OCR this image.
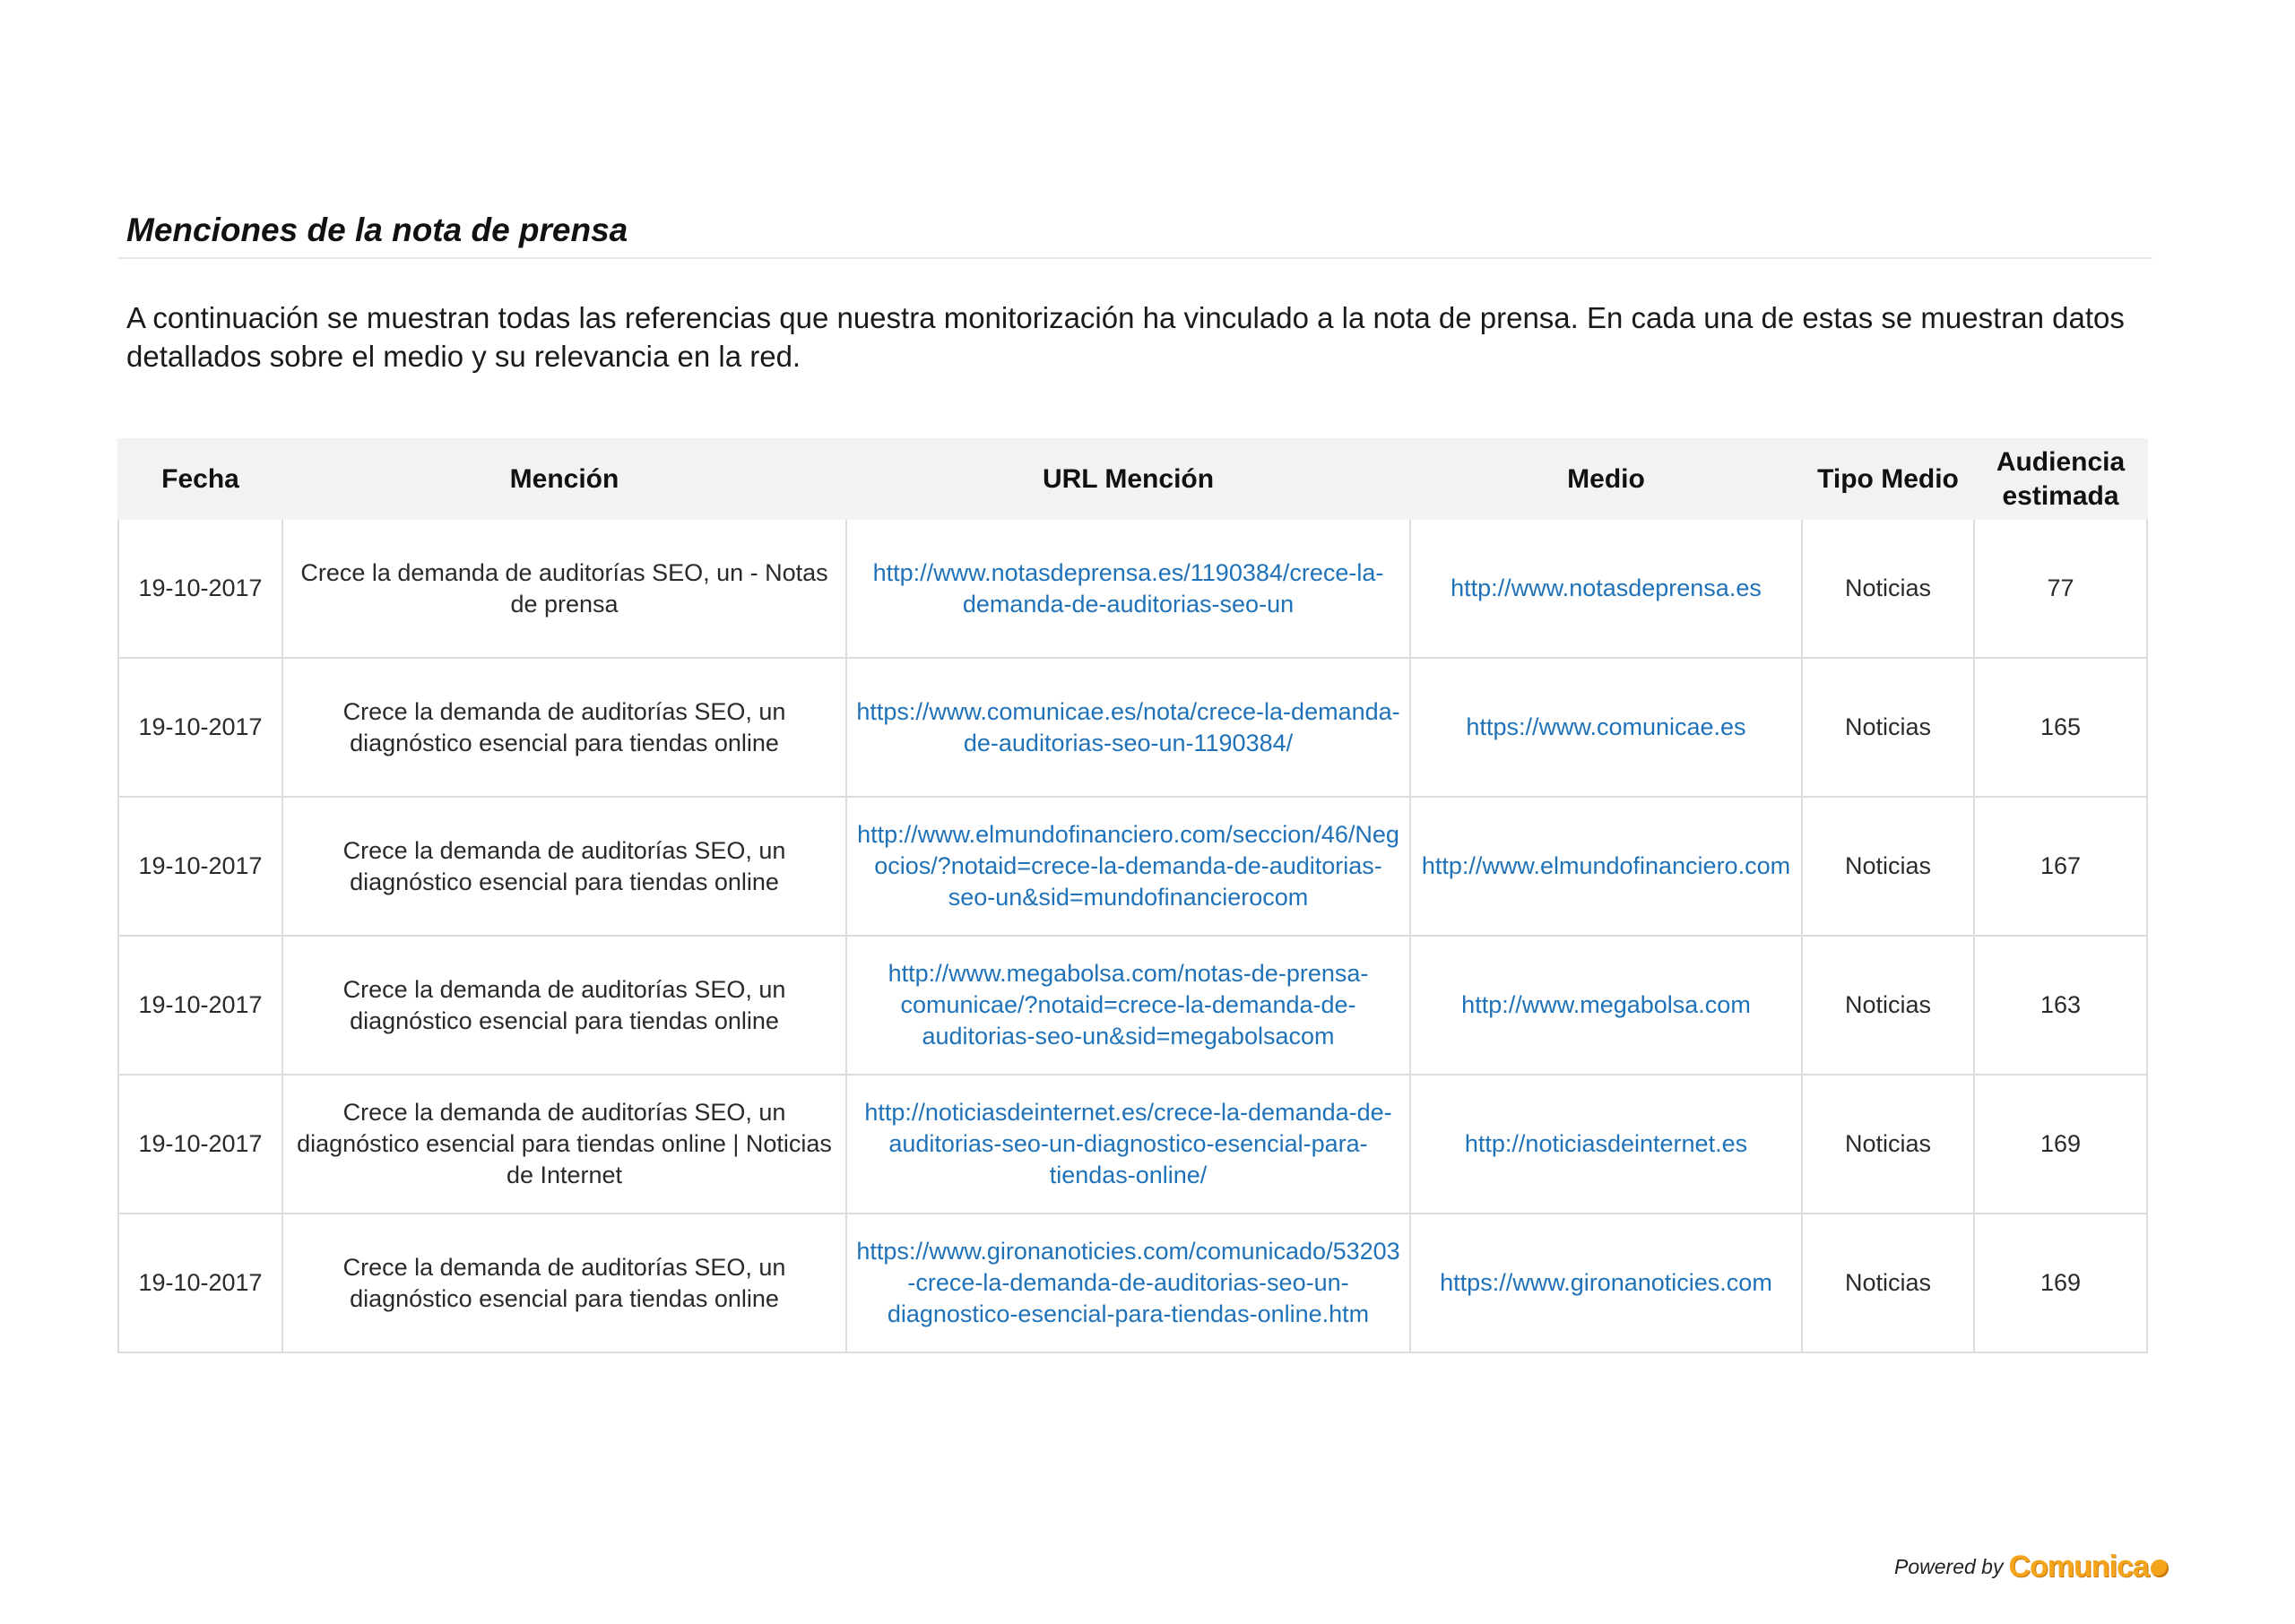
Menciones de la nota de prensa

A continuación se muestran todas las referencias que nuestra monitorización ha vinculado a la nota de prensa. En cada una de estas se muestran datos detallados sobre el medio y su relevancia en la red.

Fecha	Mención	URL Mención	Medio	Tipo Medio	Audiencia estimada
19-10-2017	Crece la demanda de auditorías SEO, un - Notas de prensa	http://www.notasdeprensa.es/1190384/crece-la-demanda-de-auditorias-seo-un	http://www.notasdeprensa.es	Noticias	77
19-10-2017	Crece la demanda de auditorías SEO, un diagnóstico esencial para tiendas online	https://www.comunicae.es/nota/crece-la-demanda-de-auditorias-seo-un-1190384/	https://www.comunicae.es	Noticias	165
19-10-2017	Crece la demanda de auditorías SEO, un diagnóstico esencial para tiendas online	http://www.elmundofinanciero.com/seccion/46/Negocios/?notaid=crece-la-demanda-de-auditorias-seo-un&sid=mundofinancierocom	http://www.elmundofinanciero.com	Noticias	167
19-10-2017	Crece la demanda de auditorías SEO, un diagnóstico esencial para tiendas online	http://www.megabolsa.com/notas-de-prensa-comunicae/?notaid=crece-la-demanda-de-auditorias-seo-un&sid=megabolsacom	http://www.megabolsa.com	Noticias	163
19-10-2017	Crece la demanda de auditorías SEO, un diagnóstico esencial para tiendas online | Noticias de Internet	http://noticiasdeinternet.es/crece-la-demanda-de-auditorias-seo-un-diagnostico-esencial-para-tiendas-online/	http://noticiasdeinternet.es	Noticias	169
19-10-2017	Crece la demanda de auditorías SEO, un diagnóstico esencial para tiendas online	https://www.gironanoticies.com/comunicado/53203-crece-la-demanda-de-auditorias-seo-un-diagnostico-esencial-para-tiendas-online.htm	https://www.gironanoticies.com	Noticias	169
Powered by Comunica
